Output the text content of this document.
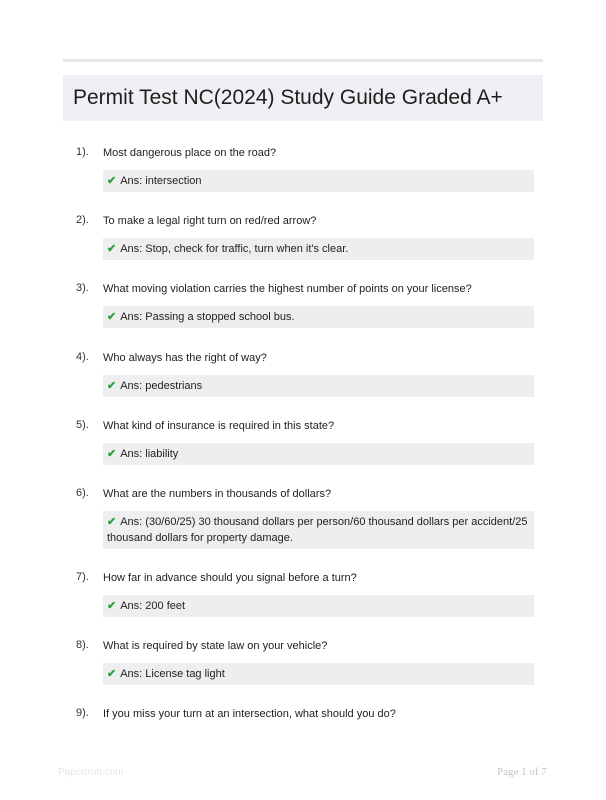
Permit Test NC(2024) Study Guide Graded A+
1). Most dangerous place on the road?
✔ Ans: intersection
2). To make a legal right turn on red/red arrow?
✔ Ans: Stop, check for traffic, turn when it's clear.
3). What moving violation carries the highest number of points on your license?
✔ Ans: Passing a stopped school bus.
4). Who always has the right of way?
✔ Ans: pedestrians
5). What kind of insurance is required in this state?
✔ Ans: liability
6). What are the numbers in thousands of dollars?
✔ Ans: (30/60/25) 30 thousand dollars per person/60 thousand dollars per accident/25 thousand dollars for property damage.
7). How far in advance should you signal before a turn?
✔ Ans: 200 feet
8). What is required by state law on your vehicle?
✔ Ans: License tag light
9). If you miss your turn at an intersection, what should you do?
Papertrub.com	Page 1 of 7
